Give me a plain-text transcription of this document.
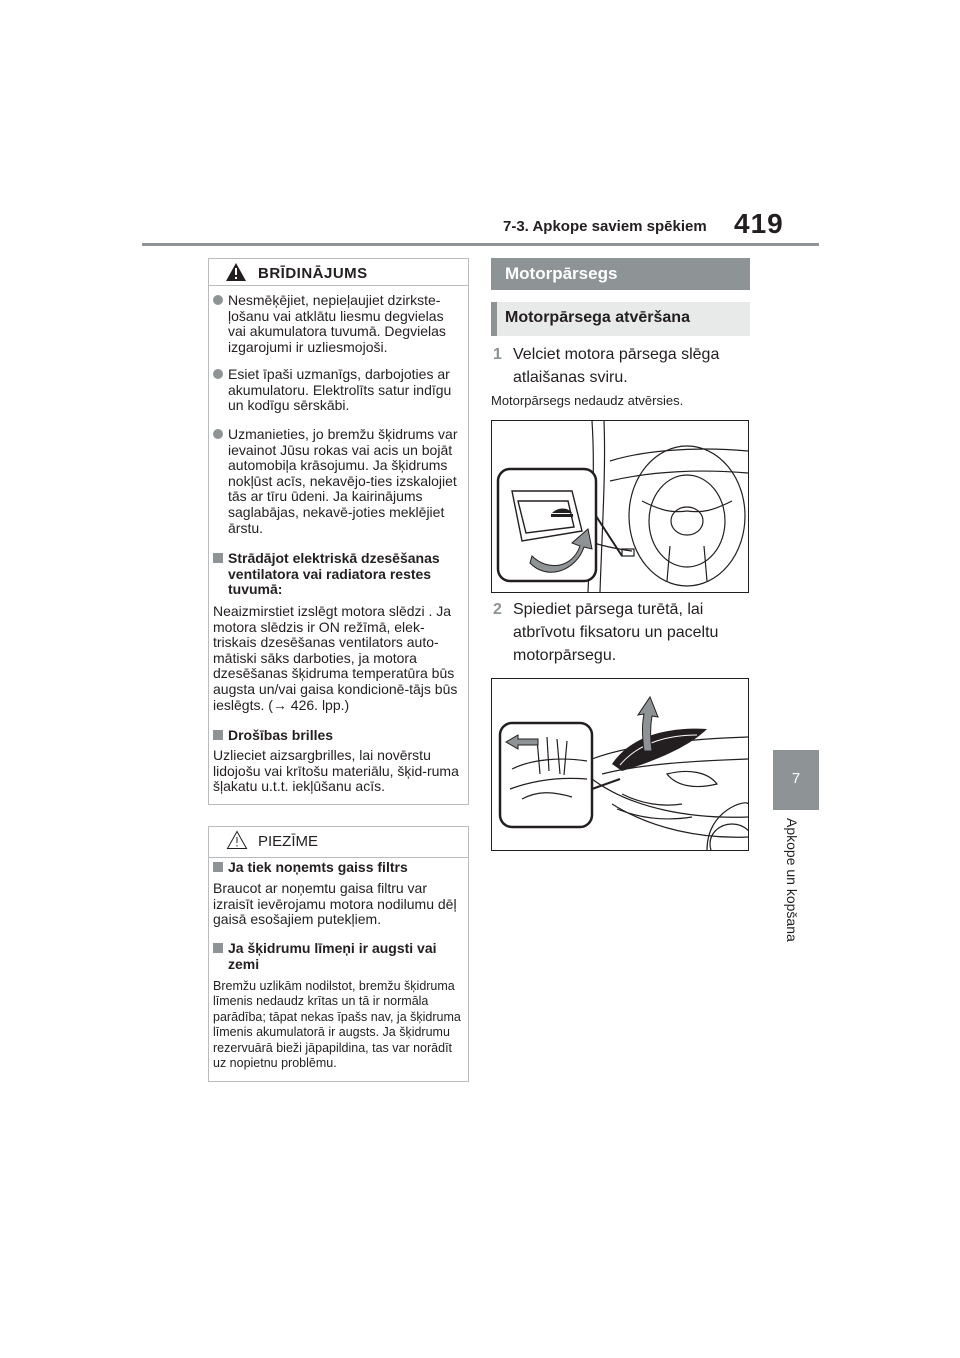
7-3. Apkope saviem spēkiem 419
7
Apkope un kopšana
BRĪDINĀJUMS
Nesmēķējiet, nepieļaujiet dzirkste-ļošanu vai atklātu liesmu degvielas vai akumulatora tuvumā. Degvielas izgarojumi ir uzliesmojoši.
Esiet īpaši uzmanīgs, darbojoties ar akumulatoru. Elektrolīts satur indīgu un kodīgu sērskābi.
Uzmanieties, jo bremžu šķidrums var ievainot Jūsu rokas vai acis un bojāt automobiļa krāsojumu. Ja šķidrums nokļūst acīs, nekavējo-ties izskalojiet tās ar tīru ūdeni. Ja kairinājums saglabājas, nekavē-joties meklējiet ārstu.
Strādājot elektriskā dzesēšanas ventilatora vai radiatora restes tuvumā:
Neaizmirstiet izslēgt motora slēdzi . Ja motora slēdzis ir ON režīmā, elek-triskais dzesēšanas ventilators auto-mātiski sāks darboties, ja motora dzesēšanas šķidruma temperatūra būs augsta un/vai gaisa kondicionē-tājs būs ieslēgts. (→ 426. lpp.)
Drošības brilles
Uzlieciet aizsargbrilles, lai novērstu lidojošu vai krītošu materiālu, šķid-ruma šļakatu u.t.t. iekļūšanu acīs.
PIEZĪME
Ja tiek noņemts gaiss filtrs
Braucot ar noņemtu gaisa filtru var izraisīt ievērojamu motora nodilumu dēļ gaisā esošajiem putekļiem.
Ja šķidrumu līmeņi ir augsti vai zemi
Bremžu uzlikām nodilstot, bremžu šķidruma līmenis nedaudz krītas un tā ir normāla parādība; tāpat nekas īpašs nav, ja šķidruma līmenis akumulatorā ir augsts. Ja šķidrumu rezervuārā bieži jāpapildina, tas var norādīt uz nopietnu problēmu.
Motorpārsegs
Motorpārsega atvēršana
1 Velciet motora pārsega slēga atlaišanas sviru.
Motorpārsegs nedaudz atvērsies.
2 Spiediet pārsega turētā, lai atbrīvotu fiksatoru un paceltu motorpārsegu.
